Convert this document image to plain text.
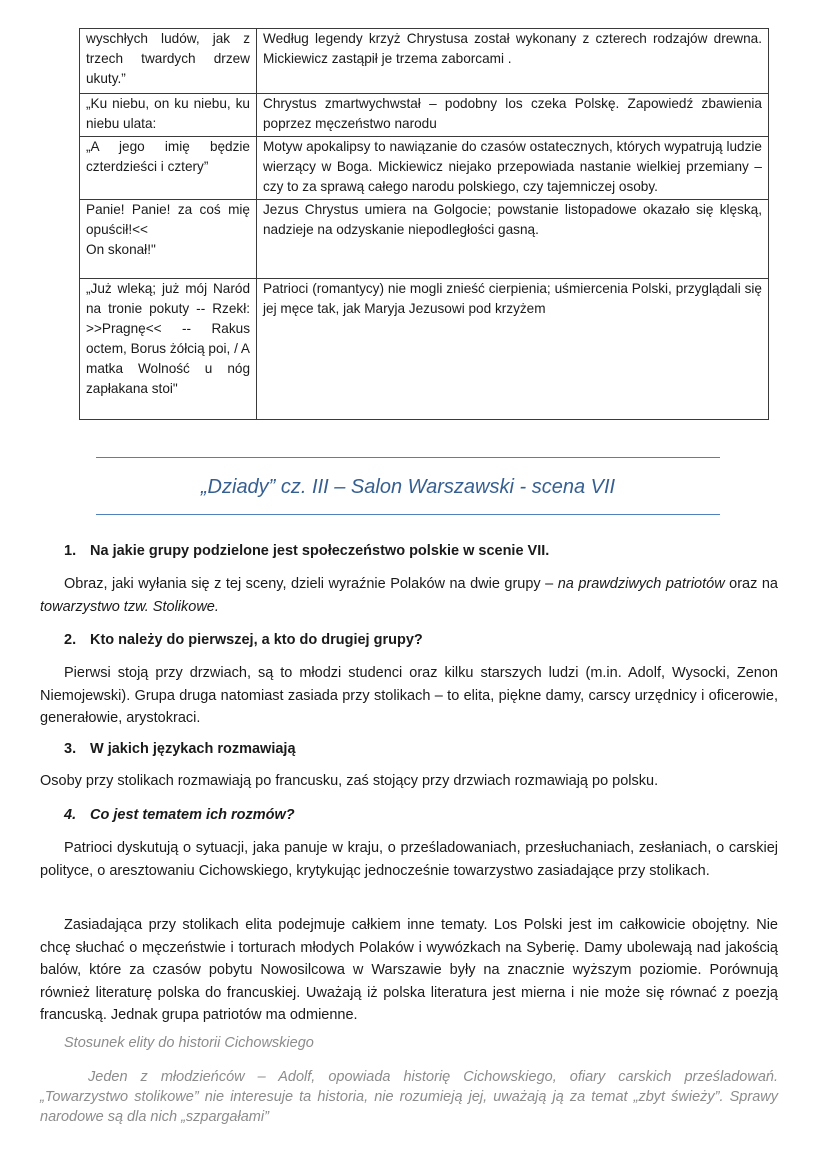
wyschłych ludów, jak z trzech twardych drzew ukuty.”	Według legendy krzyż Chrystusa został wykonany z czterech rodzajów drewna. Mickiewicz zastąpił je trzema zaborcami .
„Ku niebu, on ku niebu, ku niebu ulata:	Chrystus zmartwychwstał – podobny los czeka Polskę. Zapowiedź zbawienia poprzez męczeństwo narodu
„A jego imię będzie czterdzieści i cztery”	Motyw apokalipsy to nawiązanie do czasów ostatecznych, których wypatrują ludzie wierzący w Boga. Mickiewicz niejako przepowiada nastanie wielkiej przemiany – czy to za sprawą całego narodu polskiego, czy tajemniczej osoby.
Panie! Panie! za coś mię opuścił!<<
On skonał!"	Jezus Chrystus umiera na Golgocie; powstanie listopadowe okazało się klęską, nadzieje na odzyskanie niepodległości gasną.
„Już wleką; już mój Naród na tronie pokuty -- Rzekł: >>Pragnę<< -- Rakus octem, Borus żółcią poi, / A matka Wolność u nóg zapłakana stoi"	Patrioci (romantycy) nie mogli znieść cierpienia; uśmiercenia Polski, przyglądali się jej męce tak, jak Maryja Jezusowi pod krzyżem
„Dziady” cz. III – Salon Warszawski - scena VII
1. Na jakie grupy podzielone jest społeczeństwo polskie w scenie VII.
Obraz, jaki wyłania się z tej sceny, dzieli wyraźnie Polaków na dwie grupy – na prawdziwych patriotów oraz na towarzystwo tzw. Stolikowe.
2. Kto należy do pierwszej, a kto do drugiej grupy?
Pierwsi stoją przy drzwiach, są to młodzi studenci oraz kilku starszych ludzi (m.in. Adolf, Wysocki, Zenon Niemojewski). Grupa druga natomiast zasiada przy stolikach – to elita, piękne damy, carscy urzędnicy i oficerowie, generałowie, arystokraci.
3. W jakich językach rozmawiają
Osoby przy stolikach rozmawiają po francusku, zaś stojący przy drzwiach rozmawiają po polsku.
4. Co jest tematem ich rozmów?
Patrioci dyskutują o sytuacji, jaka panuje w kraju, o prześladowaniach, przesłuchaniach, zesłaniach, o carskiej polityce, o aresztowaniu Cichowskiego, krytykując jednocześnie towarzystwo zasiadające przy stolikach.
Zasiadająca przy stolikach elita podejmuje całkiem inne tematy. Los Polski jest im całkowicie obojętny. Nie chcę słuchać o męczeństwie i torturach młodych Polaków i wywózkach na Syberię. Damy ubolewają nad jakością balów, które za czasów pobytu Nowosilcowa w Warszawie były na znacznie wyższym poziomie. Porównują również literaturę polska do francuskiej. Uważają iż polska literatura jest mierna i nie może się równać z poezją francuską. Jednak grupa patriotów ma odmienne.
Stosunek elity do historii Cichowskiego
Jeden z młodzieńców – Adolf, opowiada historię Cichowskiego, ofiary carskich prześladowań. „Towarzystwo stolikowe” nie interesuje ta historia, nie rozumieją jej, uważają ją za temat „zbyt świeży”. Sprawy narodowe są dla nich „szpargałami”
